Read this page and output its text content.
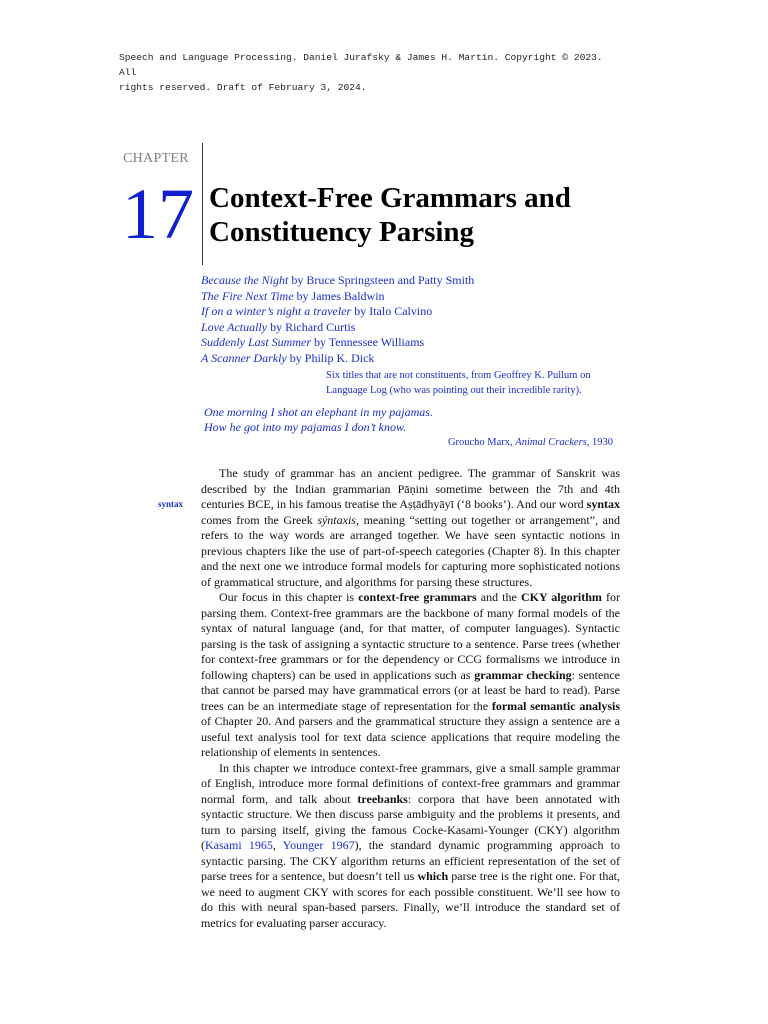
Speech and Language Processing. Daniel Jurafsky & James H. Martin. Copyright © 2023. All
rights reserved. Draft of February 3, 2024.
CHAPTER
17 Context-Free Grammars and
Constituency Parsing
Because the Night by Bruce Springsteen and Patty Smith
The Fire Next Time by James Baldwin
If on a winter’s night a traveler by Italo Calvino
Love Actually by Richard Curtis
Suddenly Last Summer by Tennessee Williams
A Scanner Darkly by Philip K. Dick
Six titles that are not constituents, from Geoffrey K. Pullum on
Language Log (who was pointing out their incredible rarity).
One morning I shot an elephant in my pajamas.
How he got into my pajamas I don’t know.
Groucho Marx, Animal Crackers, 1930
syntax

The study of grammar has an ancient pedigree. The grammar of Sanskrit was described by the Indian grammarian Pāṇini sometime between the 7th and 4th centuries BCE, in his famous treatise the Aṣṭādhyāyī (‘8 books’). And our word syntax comes from the Greek sýntaxis, meaning “setting out together or arrangement”, and refers to the way words are arranged together. We have seen syntactic notions in previous chapters like the use of part-of-speech categories (Chapter 8). In this chapter and the next one we introduce formal models for capturing more sophisticated notions of grammatical structure, and algorithms for parsing these structures.

Our focus in this chapter is context-free grammars and the CKY algorithm for parsing them. Context-free grammars are the backbone of many formal models of the syntax of natural language (and, for that matter, of computer languages). Syntactic parsing is the task of assigning a syntactic structure to a sentence. Parse trees (whether for context-free grammars or for the dependency or CCG formalisms we introduce in following chapters) can be used in applications such as grammar checking: sentence that cannot be parsed may have grammatical errors (or at least be hard to read). Parse trees can be an intermediate stage of representation for the formal semantic analysis of Chapter 20. And parsers and the grammatical structure they assign a sentence are a useful text analysis tool for text data science applications that require modeling the relationship of elements in sentences.

In this chapter we introduce context-free grammars, give a small sample grammar of English, introduce more formal definitions of context-free grammars and grammar normal form, and talk about treebanks: corpora that have been annotated with syntactic structure. We then discuss parse ambiguity and the problems it presents, and turn to parsing itself, giving the famous Cocke-Kasami-Younger (CKY) algorithm (Kasami 1965, Younger 1967), the standard dynamic programming approach to syntactic parsing. The CKY algorithm returns an efficient representation of the set of parse trees for a sentence, but doesn’t tell us which parse tree is the right one. For that, we need to augment CKY with scores for each possible constituent. We’ll see how to do this with neural span-based parsers. Finally, we’ll introduce the standard set of metrics for evaluating parser accuracy.
